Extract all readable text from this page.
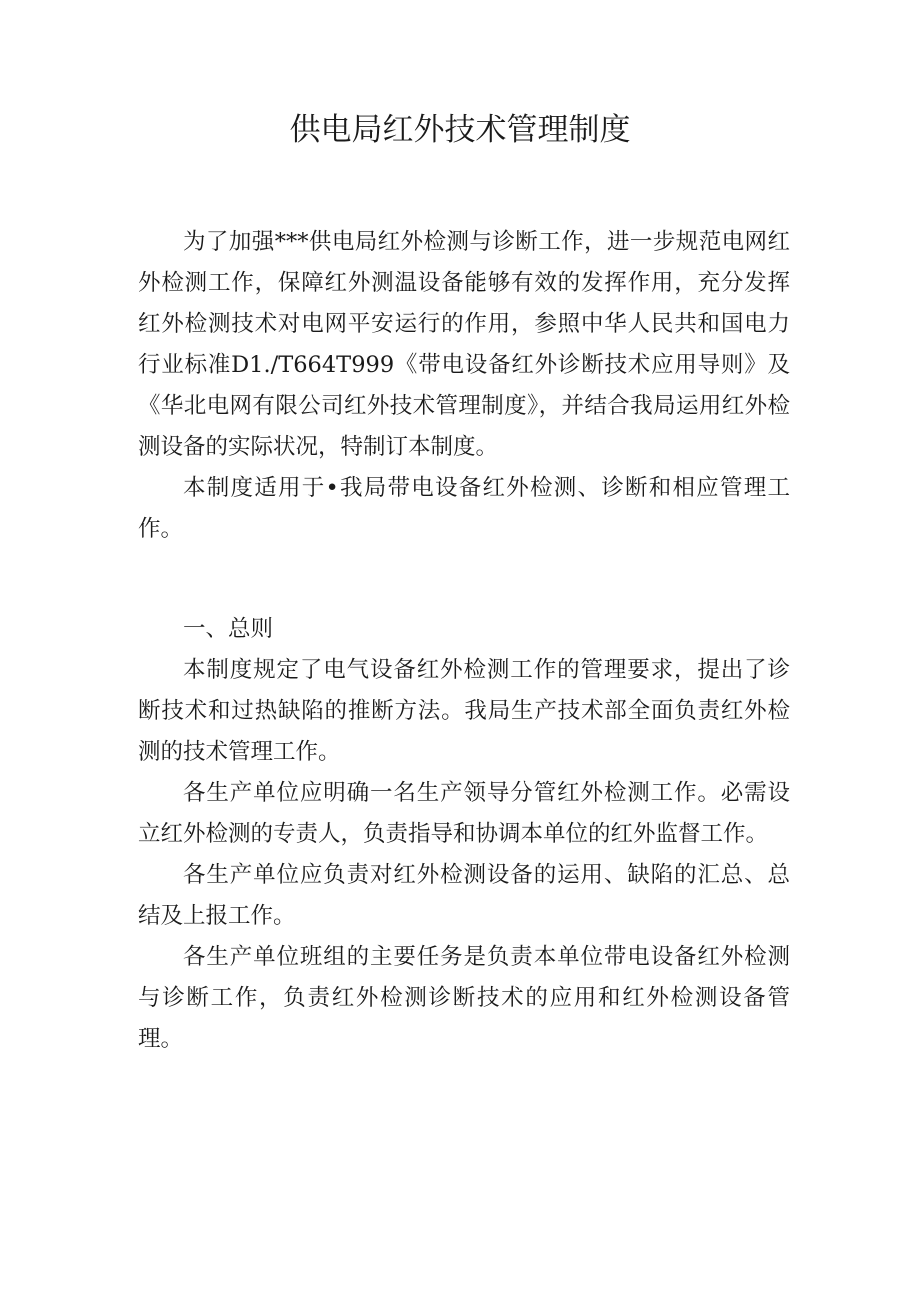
供电局红外技术管理制度

为了加强***供电局红外检测与诊断工作，进一步规范电网红外检测工作，保障红外测温设备能够有效的发挥作用，充分发挥红外检测技术对电网平安运行的作用，参照中华人民共和国电力行业标准D1./T664T999《带电设备红外诊断技术应用导则》及《华北电网有限公司红外技术管理制度》，并结合我局运用红外检测设备的实际状况，特制订本制度。

本制度适用于•我局带电设备红外检测、诊断和相应管理工作。

一、总则

本制度规定了电气设备红外检测工作的管理要求，提出了诊断技术和过热缺陷的推断方法。我局生产技术部全面负责红外检测的技术管理工作。

各生产单位应明确一名生产领导分管红外检测工作。必需设立红外检测的专责人，负责指导和协调本单位的红外监督工作。

各生产单位应负责对红外检测设备的运用、缺陷的汇总、总结及上报工作。

各生产单位班组的主要任务是负责本单位带电设备红外检测与诊断工作，负责红外检测诊断技术的应用和红外检测设备管理。
